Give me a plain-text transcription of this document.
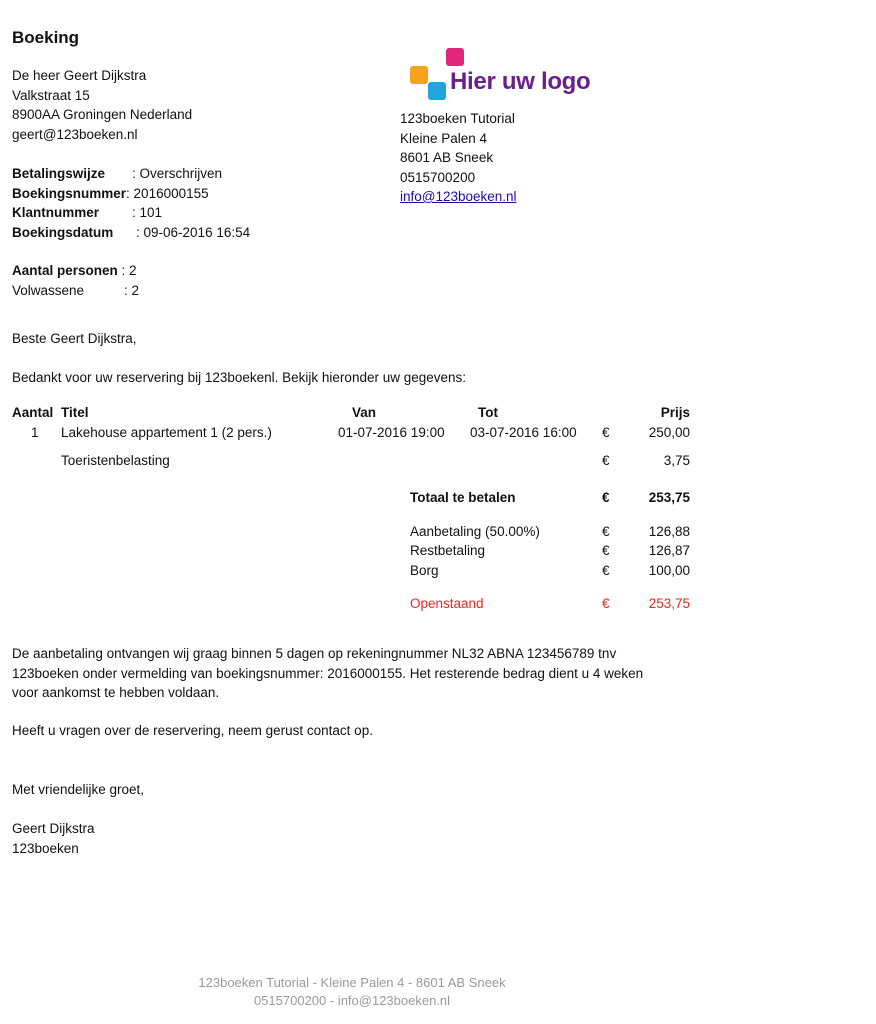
Boeking
De heer Geert Dijkstra
Valkstraat 15
8900AA Groningen Nederland
geert@123boeken.nl
Betalingswijze : Overschrijven
Boekingsnummer: 2016000155
Klantnummer : 101
Boekingsdatum : 09-06-2016 16:54
Aantal personen : 2
Volwassene	: 2
Hier uw logo
123boeken Tutorial
Kleine Palen 4
8601 AB Sneek
0515700200
info@123boeken.nl
Beste Geert Dijkstra,
Bedankt voor uw reservering bij 123boekenl. Bekijk hieronder uw gegevens:
Aantal Titel	Van	Tot	Prijs
1 Lakehouse appartement 1 (2 pers.)	01-07-2016 19:00 03-07-2016 16:00 €	250,00
Toeristenbelasting	€	3,75
Totaal te betalen	€	253,75
Aanbetaling (50.00%)	€	126,88
Restbetaling	€	126,87
Borg	€	100,00
Openstaand	€	253,75
De aanbetaling ontvangen wij graag binnen 5 dagen op rekeningnummer NL32 ABNA 123456789 tnv
123boeken onder vermelding van boekingsnummer: 2016000155. Het resterende bedrag dient u 4 weken
voor aankomst te hebben voldaan.
Heeft u vragen over de reservering, neem gerust contact op.
Met vriendelijke groet,
Geert Dijkstra
123boeken
123boeken Tutorial - Kleine Palen 4 - 8601 AB Sneek
0515700200 - info@123boeken.nl
